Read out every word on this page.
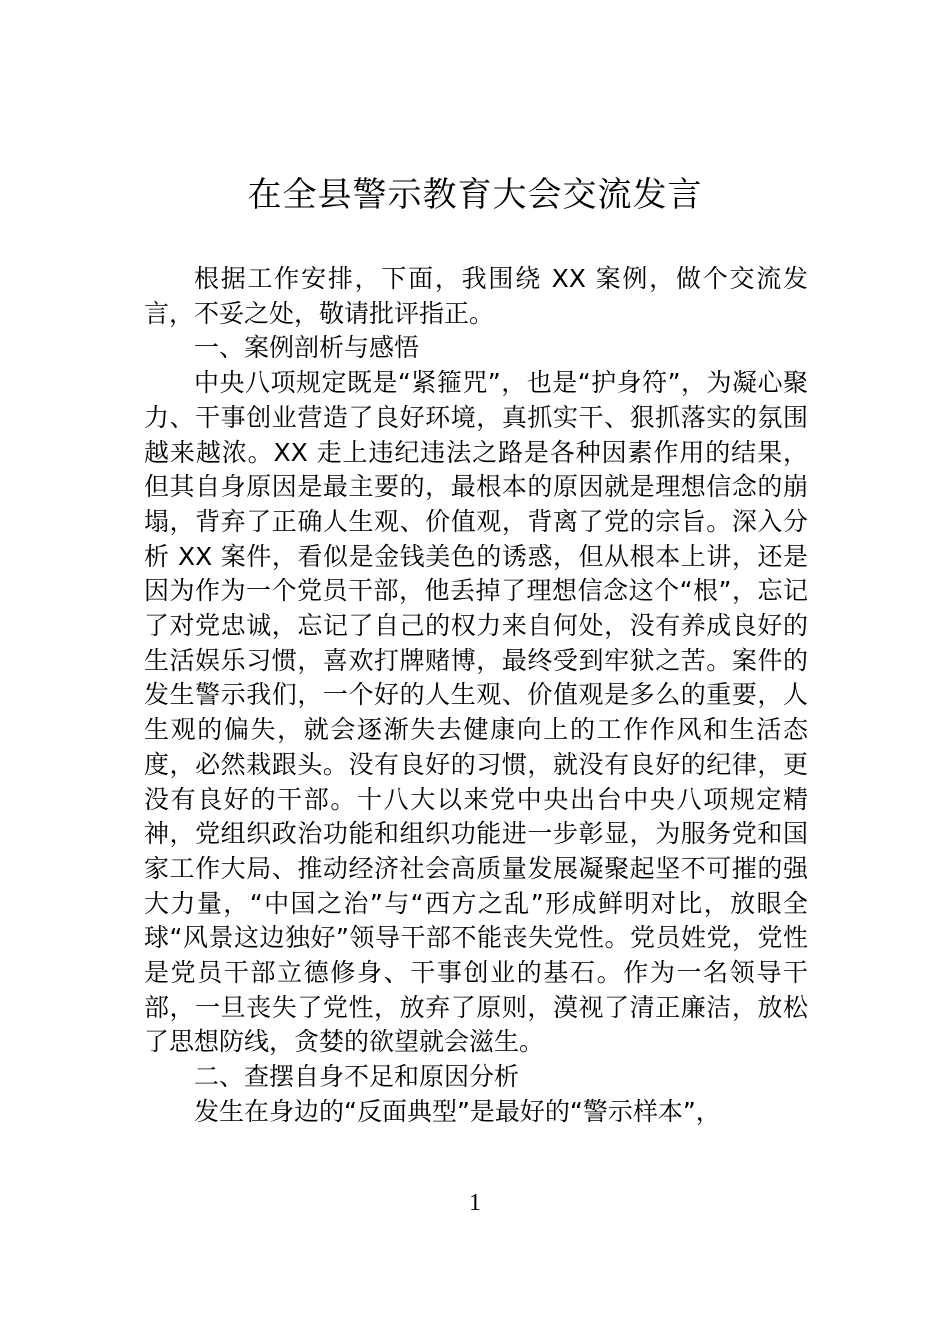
在全县警示教育大会交流发言

根据工作安排，下面，我围绕 XX 案例，做个交流发言，不妥之处，敬请批评指正。

一、案例剖析与感悟

中央八项规定既是“紧箍咒”，也是“护身符”，为凝心聚力、干事创业营造了良好环境，真抓实干、狠抓落实的氛围越来越浓。XX 走上违纪违法之路是各种因素作用的结果，但其自身原因是最主要的，最根本的原因就是理想信念的崩塌，背弃了正确人生观、价值观，背离了党的宗旨。深入分析 XX 案件，看似是金钱美色的诱惑，但从根本上讲，还是因为作为一个党员干部，他丢掉了理想信念这个“根”，忘记了对党忠诚，忘记了自己的权力来自何处，没有养成良好的生活娱乐习惯，喜欢打牌赌博，最终受到牢狱之苦。案件的发生警示我们，一个好的人生观、价值观是多么的重要，人生观的偏失，就会逐渐失去健康向上的工作作风和生活态度，必然栽跟头。没有良好的习惯，就没有良好的纪律，更没有良好的干部。十八大以来党中央出台中央八项规定精神，党组织政治功能和组织功能进一步彰显，为服务党和国家工作大局、推动经济社会高质量发展凝聚起坚不可摧的强大力量，“中国之治”与“西方之乱”形成鲜明对比，放眼全球“风景这边独好”领导干部不能丧失党性。党员姓党，党性是党员干部立德修身、干事创业的基石。作为一名领导干部，一旦丧失了党性，放弃了原则，漠视了清正廉洁，放松了思想防线，贪婪的欲望就会滋生。

二、查摆自身不足和原因分析

发生在身边的“反面典型”是最好的“警示样本”，

1
